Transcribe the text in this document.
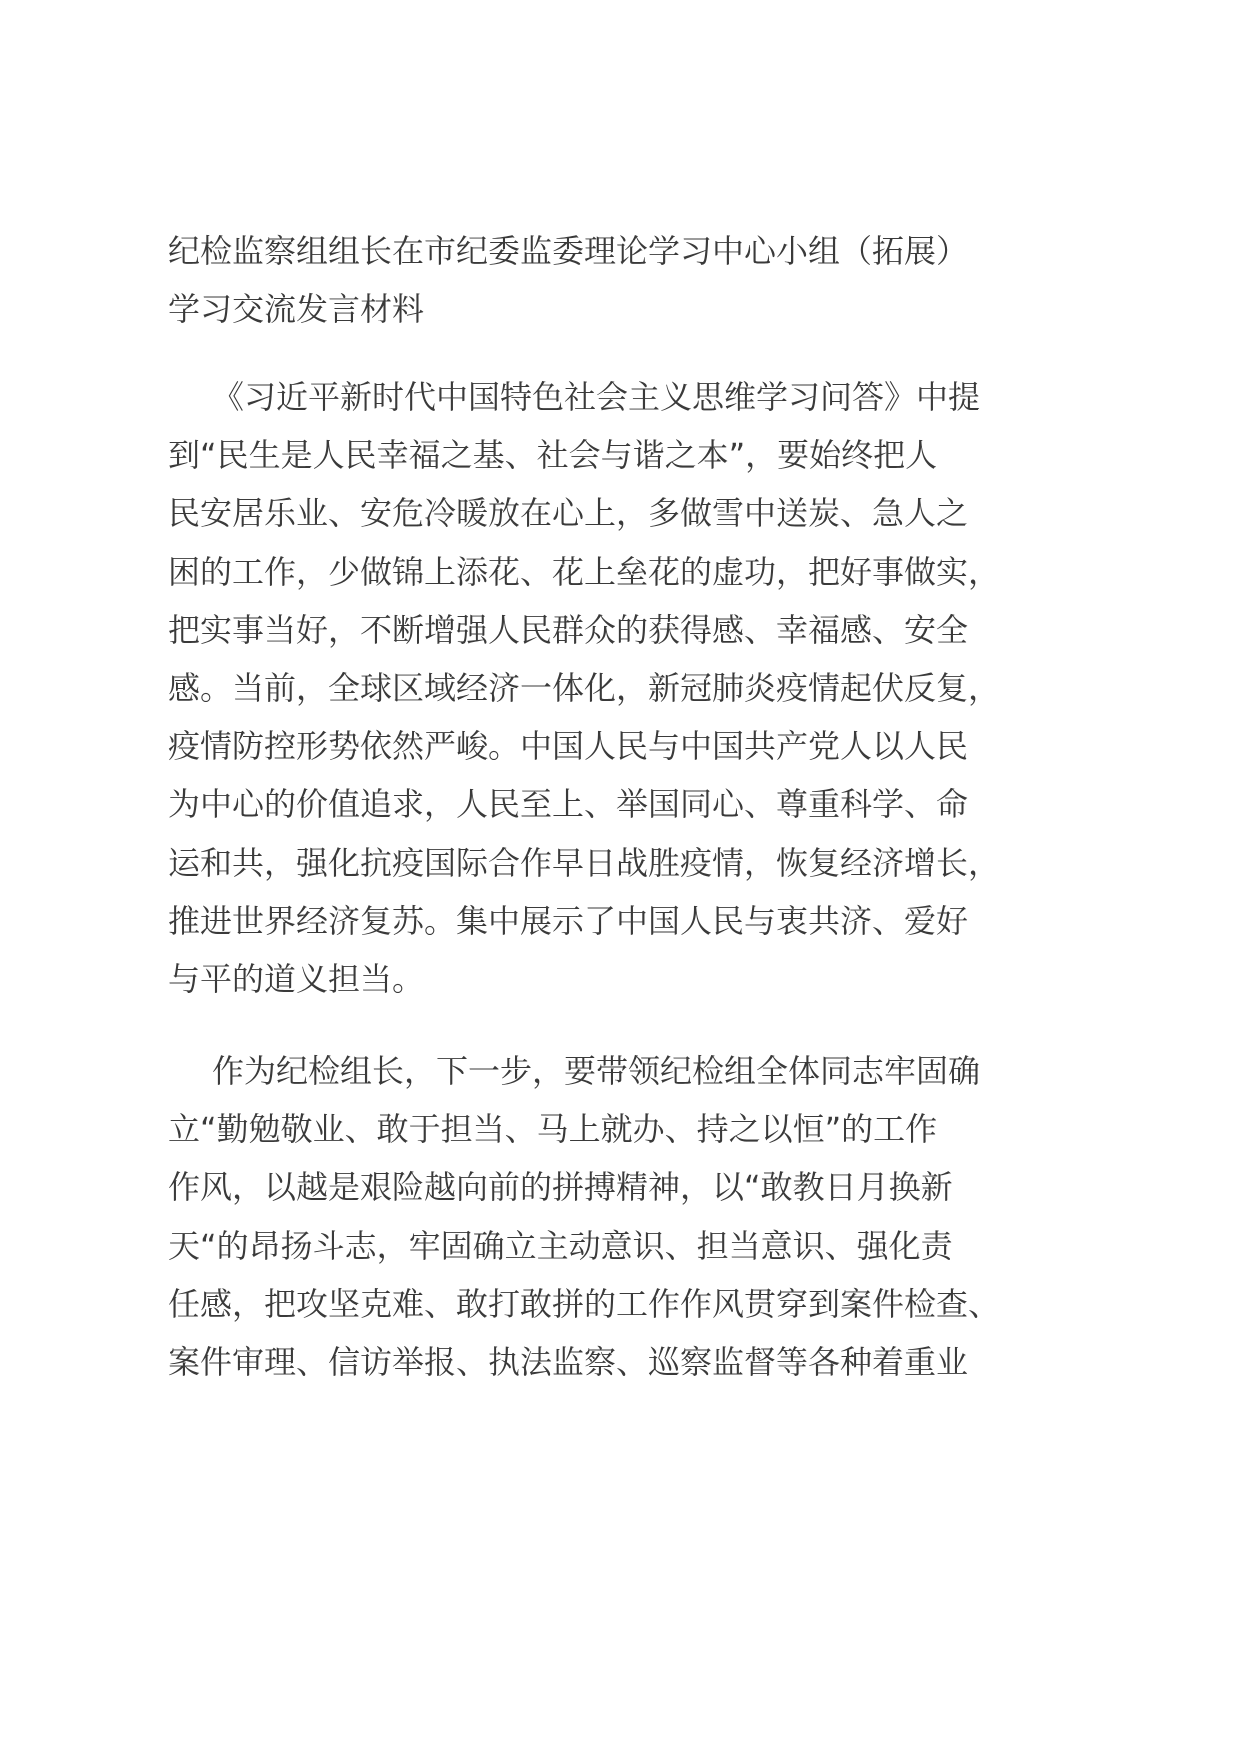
纪检监察组组长在市纪委监委理论学习中心小组（拓展）
学习交流发言材料

《习近平新时代中国特色社会主义思维学习问答》中提
到“民生是人民幸福之基、社会与谐之本”，要始终把人
民安居乐业、安危冷暖放在心上，多做雪中送炭、急人之
困的工作，少做锦上添花、花上垒花的虚功，把好事做实，
把实事当好，不断增强人民群众的获得感、幸福感、安全
感。当前，全球区域经济一体化，新冠肺炎疫情起伏反复，
疫情防控形势依然严峻。中国人民与中国共产党人以人民
为中心的价值追求，人民至上、举国同心、尊重科学、命
运和共，强化抗疫国际合作早日战胜疫情，恢复经济增长，
推进世界经济复苏。集中展示了中国人民与衷共济、爱好
与平的道义担当。

作为纪检组长，下一步，要带领纪检组全体同志牢固确
立“勤勉敬业、敢于担当、马上就办、持之以恒”的工作
作风，以越是艰险越向前的拼搏精神，以“敢教日月换新
天“的昂扬斗志，牢固确立主动意识、担当意识、强化责
任感，把攻坚克难、敢打敢拼的工作作风贯穿到案件检查、
案件审理、信访举报、执法监察、巡察监督等各种着重业
